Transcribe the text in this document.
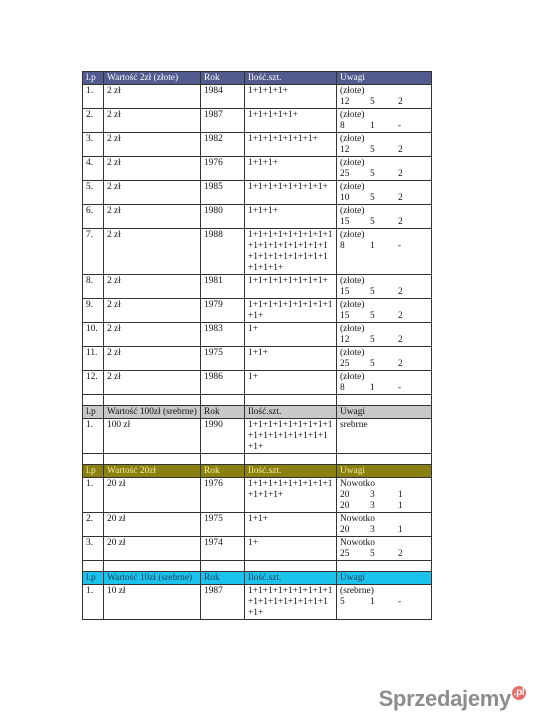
l.p	Wartość 2zł (złote)	Rok	Ilość.szt.	Uwagi
1.	2 zł	1984	1+1+1+1+	(złote)
12 5 2

2.	2 zł	1987	1+1+1+1+1+	(złote)
8 1 -

3.	2 zł	1982	1+1+1+1+1+1+1+	(złote)
12 5 2

4.	2 zł	1976	1+1+1+	(złote)
25 5 2

5.	2 zł	1985	1+1+1+1+1+1+1+1+	(złote)
10 5 2

6.	2 zł	1980	1+1+1+	(złote)
15 5 2

7.	2 zł	1988	1+1+1+1+1+1+1+1+1+1+1+1+1+1+1+1+1+1+1+1+1+1+1+1+1+1+1+1+	(złote)
8 1 -

8.	2 zł	1981	1+1+1+1+1+1+1+1+	(złote)
15 5 2

9.	2 zł	1979	1+1+1+1+1+1+1+1+1+1+	(złote)
15 5 2

10.	2 zł	1983	1+	(złote)
12 5 2

11.	2 zł	1975	1+1+	(złote)
25 5 2

12.	2 zł	1986	1+	(złote)
8 1 -

l.p	Wartość 100zł (srebrne)	Rok	Ilość.szt.	Uwagi
1.	100 zł	1990	1+1+1+1+1+1+1+1+1+1+1+1+1+1+1+1+1+1+	srebrne

l.p	Wartość 20zł	Rok	Ilość.szt.	Uwagi
1.	20 zł	1976	1+1+1+1+1+1+1+1+1+1+1+1+	Nowotko
20 3 1
20 3 1

2.	20 zł	1975	1+1+	Nowotko
20 3 1

3.	20 zł	1974	1+	Nowotko
25 5 2

l.p	Wartość 10zł (srebrne)	Rok	Ilość.szt.	Uwagi
1.	10 zł	1987	1+1+1+1+1+1+1+1+1+1+1+1+1+1+1+1+1+1+	(srebrne)
5 1 -
Sprzedajemy .pl
